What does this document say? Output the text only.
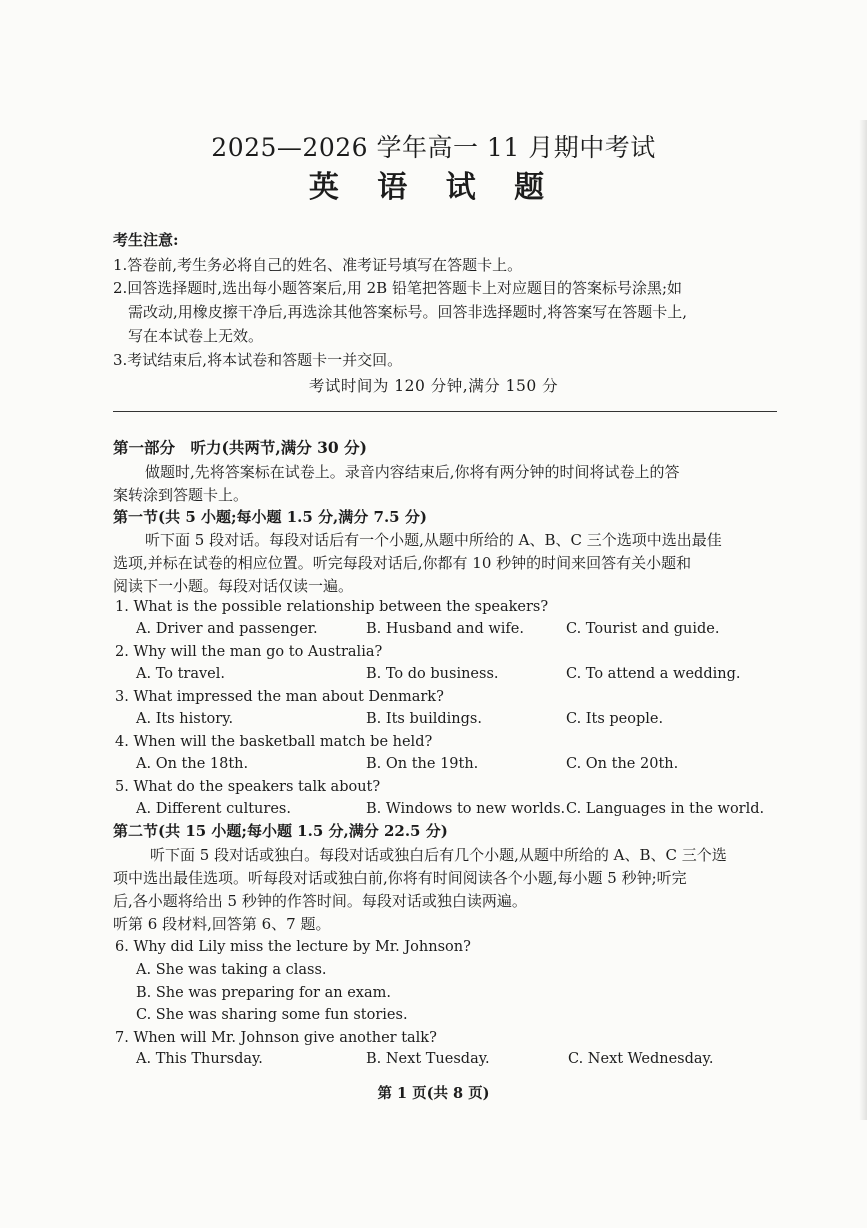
2025—2026 学年高一 11 月期中考试
英 语 试 题
考生注意:
1.答卷前,考生务必将自己的姓名、准考证号填写在答题卡上。
2.回答选择题时,选出每小题答案后,用 2B 铅笔把答题卡上对应题目的答案标号涂黑;如
需改动,用橡皮擦干净后,再选涂其他答案标号。回答非选择题时,将答案写在答题卡上,
写在本试卷上无效。
3.考试结束后,将本试卷和答题卡一并交回。
考试时间为 120 分钟,满分 150 分
第一部分　听力(共两节,满分 30 分)
做题时,先将答案标在试卷上。录音内容结束后,你将有两分钟的时间将试卷上的答
案转涂到答题卡上。
第一节(共 5 小题;每小题 1.5 分,满分 7.5 分)
听下面 5 段对话。每段对话后有一个小题,从题中所给的 A、B、C 三个选项中选出最佳
选项,并标在试卷的相应位置。听完每段对话后,你都有 10 秒钟的时间来回答有关小题和
阅读下一小题。每段对话仅读一遍。
1. What is the possible relationship between the speakers?
A. Driver and passenger.	B. Husband and wife.	C. Tourist and guide.
2. Why will the man go to Australia?
A. To travel.	B. To do business.	C. To attend a wedding.
3. What impressed the man about Denmark?
A. Its history.	B. Its buildings.	C. Its people.
4. When will the basketball match be held?
A. On the 18th.	B. On the 19th.	C. On the 20th.
5. What do the speakers talk about?
A. Different cultures.	B. Windows to new worlds. C. Languages in the world.
第二节(共 15 小题;每小题 1.5 分,满分 22.5 分)
听下面 5 段对话或独白。每段对话或独白后有几个小题,从题中所给的 A、B、C 三个选
项中选出最佳选项。听每段对话或独白前,你将有时间阅读各个小题,每小题 5 秒钟;听完
后,各小题将给出 5 秒钟的作答时间。每段对话或独白读两遍。
听第 6 段材料,回答第 6、7 题。
6. Why did Lily miss the lecture by Mr. Johnson?
A. She was taking a class.
B. She was preparing for an exam.
C. She was sharing some fun stories.
7. When will Mr. Johnson give another talk?
A. This Thursday.	B. Next Tuesday.	C. Next Wednesday.
第 1 页(共 8 页)
